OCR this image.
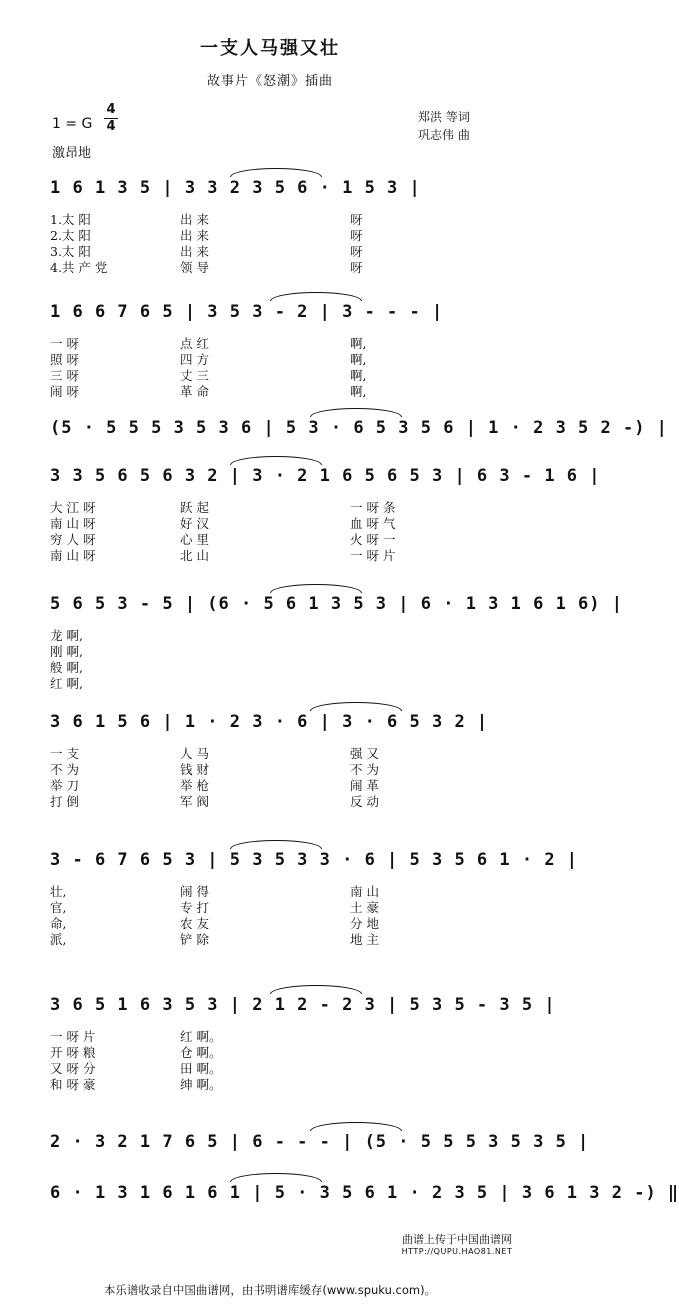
一支人马强又壮
故事片《怒潮》插曲
1 = G
4
4
郑洪 等词
巩志伟 曲
激昂地
1 6 1 3 5 | 3 3 2 3 5 6 · 1 5 3 |
1.太 阳	出 来	呀
2.太 阳	出 来	呀
3.太 阳	出 来	呀
4.共 产 党	领 导	呀
1 6 6 7 6 5 | 3 5 3 - 2 | 3 - - - |
一 呀	点 红	啊,
照 呀	四 方	啊,
三 呀	丈 三	啊,
闹 呀	革 命	啊,
(5 · 5 5 5 3 5 3 6 | 5 3 · 6 5 3 5 6 | 1 · 2 3 5 2 -) |
3 3 5 6 5 6 3 2 | 3 · 2 1 6 5 6 5 3 | 6 3 - 1 6 |
大 江 呀	跃 起	一 呀 条
南 山 呀	好 汉	血 呀 气
穷 人 呀	心 里	火 呀 一
南 山 呀	北 山	一 呀 片
5 6 5 3 - 5 | (6 · 5 6 1 3 5 3 | 6 · 1 3 1 6 1 6) |
龙 啊,
刚 啊,
般 啊,
红 啊,
3 6 1 5 6 | 1 · 2 3 · 6 | 3 · 6 5 3 2 |
一 支	人 马	强 又
不 为	钱 财	不 为
举 刀	举 枪	闹 革
打 倒	军 阀	反 动
3 - 6 7 6 5 3 | 5 3 5 3 3 · 6 | 5 3 5 6 1 · 2 |
壮,	闹 得	南 山
官,	专 打	土 豪
命,	农 友	分 地
派,	铲 除	地 主
3 6 5 1 6 3 5 3 | 2 1 2 - 2 3 | 5 3 5 - 3 5 |
一 呀 片	红 啊。
开 呀 粮	仓 啊。
又 呀 分	田 啊。
和 呀 豪	绅 啊。
2 · 3 2 1 7 6 5 | 6 - - - | (5 · 5 5 5 3 5 3 5 |
6 · 1 3 1 6 1 6 1 | 5 · 3 5 6 1 · 2 3 5 | 3 6 1 3 2 -) ‖
曲谱上传于中国曲谱网
HTTP://QUPU.HAO81.NET
本乐谱收录自中国曲谱网，由书明谱库缓存(www.spuku.com)。
